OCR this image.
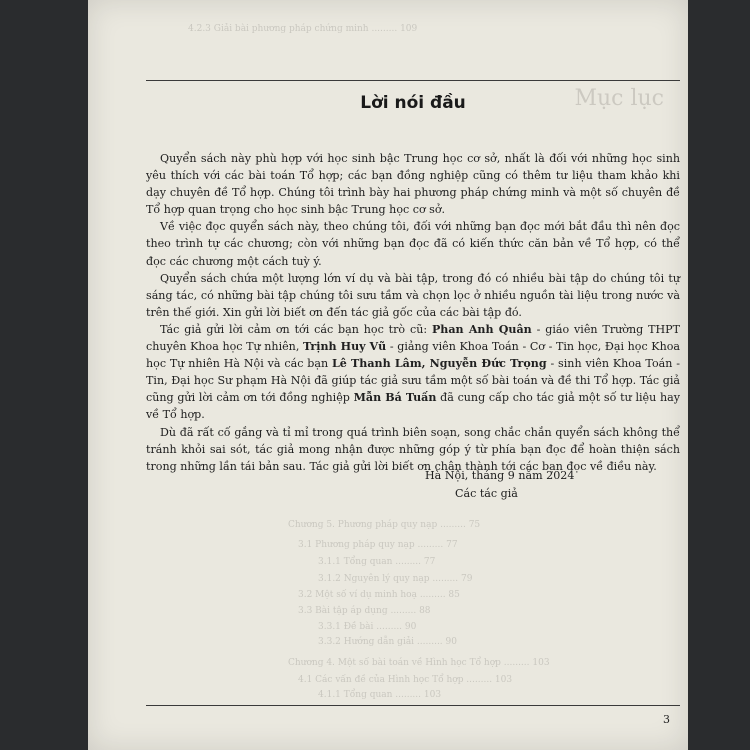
Mục lục
4.2.3 Giải bài phương pháp chứng minh ......... 109
Chương 5. Phương pháp quy nạp ......... 75
3.1 Phương pháp quy nạp ......... 77
3.1.1 Tổng quan ......... 77
3.1.2 Nguyên lý quy nạp ......... 79
3.2 Một số ví dụ minh hoạ ......... 85
3.3 Bài tập áp dụng ......... 88
3.3.1 Đề bài ......... 90
3.3.2 Hướng dẫn giải ......... 90
Chương 4. Một số bài toán về Hình học Tổ hợp ......... 103
4.1 Các vấn đề của Hình học Tổ hợp ......... 103
4.1.1 Tổng quan ......... 103
Lời nói đầu

Quyển sách này phù hợp với học sinh bậc Trung học cơ sở, nhất là đối với những học sinh yêu thích với các bài toán Tổ hợp; các bạn đồng nghiệp cũng có thêm tư liệu tham khảo khi dạy chuyên đề Tổ hợp. Chúng tôi trình bày hai phương pháp chứng minh và một số chuyên đề Tổ hợp quan trọng cho học sinh bậc Trung học cơ sở.

Về việc đọc quyển sách này, theo chúng tôi, đối với những bạn đọc mới bắt đầu thì nên đọc theo trình tự các chương; còn với những bạn đọc đã có kiến thức căn bản về Tổ hợp, có thể đọc các chương một cách tuỳ ý.

Quyển sách chứa một lượng lớn ví dụ và bài tập, trong đó có nhiều bài tập do chúng tôi tự sáng tác, có những bài tập chúng tôi sưu tầm và chọn lọc ở nhiều nguồn tài liệu trong nước và trên thế giới. Xin gửi lời biết ơn đến tác giả gốc của các bài tập đó.

Tác giả gửi lời cảm ơn tới các bạn học trò cũ: Phan Anh Quân - giáo viên Trường THPT chuyên Khoa học Tự nhiên, Trịnh Huy Vũ - giảng viên Khoa Toán - Cơ - Tin học, Đại học Khoa học Tự nhiên Hà Nội và các bạn Lê Thanh Lâm, Nguyễn Đức Trọng - sinh viên Khoa Toán - Tin, Đại học Sư phạm Hà Nội đã giúp tác giả sưu tầm một số bài toán và đề thi Tổ hợp. Tác giả cũng gửi lời cảm ơn tới đồng nghiệp Mẫn Bá Tuấn đã cung cấp cho tác giả một số tư liệu hay về Tổ hợp.

Dù đã rất cố gắng và tỉ mỉ trong quá trình biên soạn, song chắc chắn quyển sách không thể tránh khỏi sai sót, tác giả mong nhận được những góp ý từ phía bạn đọc để hoàn thiện sách trong những lần tái bản sau. Tác giả gửi lời biết ơn chân thành tới các bạn đọc về điều này.

Hà Nội, tháng 9 năm 2024
Các tác giả
3
